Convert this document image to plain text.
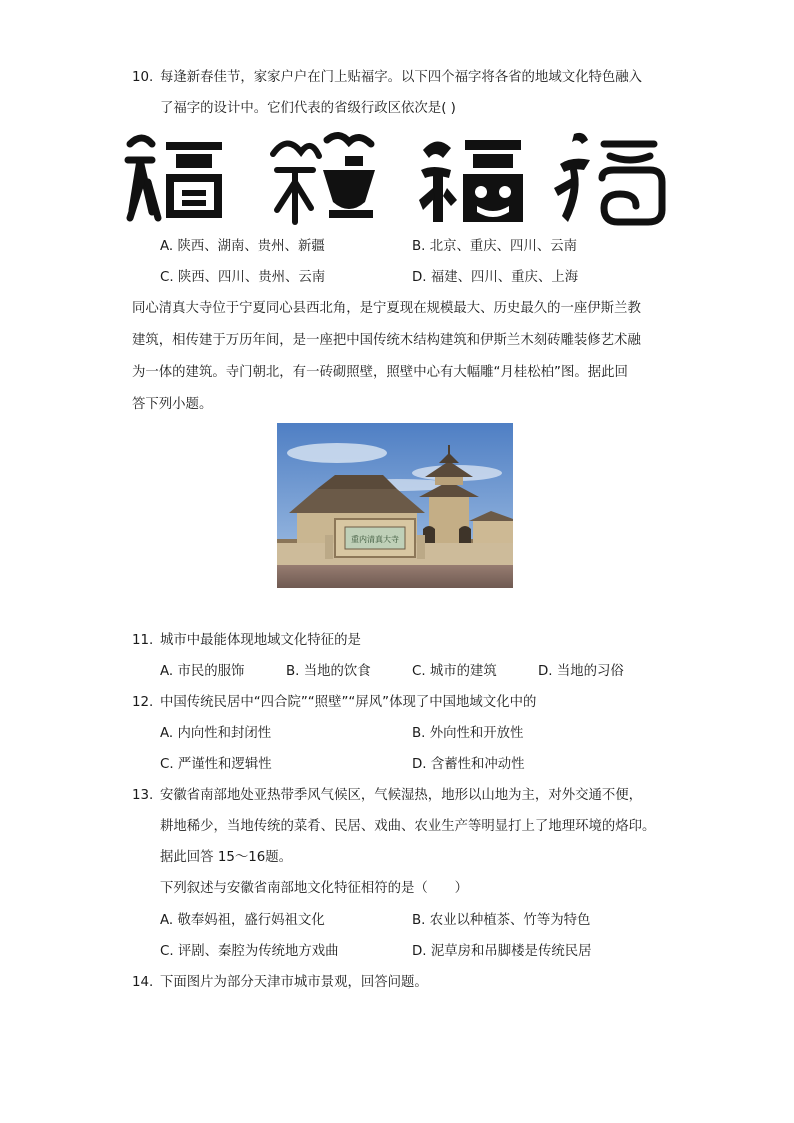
10. 每逢新春佳节，家家户户在门上贴福字。以下四个福字将各省的地域文化特色融入
了福字的设计中。它们代表的省级行政区依次是( )
A. 陕西、湖南、贵州、新疆	B. 北京、重庆、四川、云南
C. 陕西、四川、贵州、云南	D. 福建、四川、重庆、上海
同心清真大寺位于宁夏同心县西北角，是宁夏现在规模最大、历史最久的一座伊斯兰教
建筑，相传建于万历年间，是一座把中国传统木结构建筑和伊斯兰木刻砖雕装修艺术融
为一体的建筑。寺门朝北，有一砖砌照壁，照壁中心有大幅雕“月桂松柏”图。据此回
答下列小题。
重内清真大寺
11. 城市中最能体现地域文化特征的是
A. 市民的服饰	B. 当地的饮食	C. 城市的建筑	D. 当地的习俗
12. 中国传统民居中“四合院”“照壁”“屏风”体现了中国地域文化中的
A. 内向性和封闭性	B. 外向性和开放性
C. 严谨性和逻辑性	D. 含蓄性和冲动性
13. 安徽省南部地处亚热带季风气候区，气候湿热，地形以山地为主，对外交通不便，
耕地稀少，当地传统的菜肴、民居、戏曲、农业生产等明显打上了地理环境的烙印。
据此回答 15～16题。
下列叙述与安徽省南部地文化特征相符的是（　　）
A. 敬奉妈祖，盛行妈祖文化	B. 农业以种植茶、竹等为特色
C. 评剧、秦腔为传统地方戏曲	D. 泥草房和吊脚楼是传统民居
14. 下面图片为部分天津市城市景观，回答问题。
